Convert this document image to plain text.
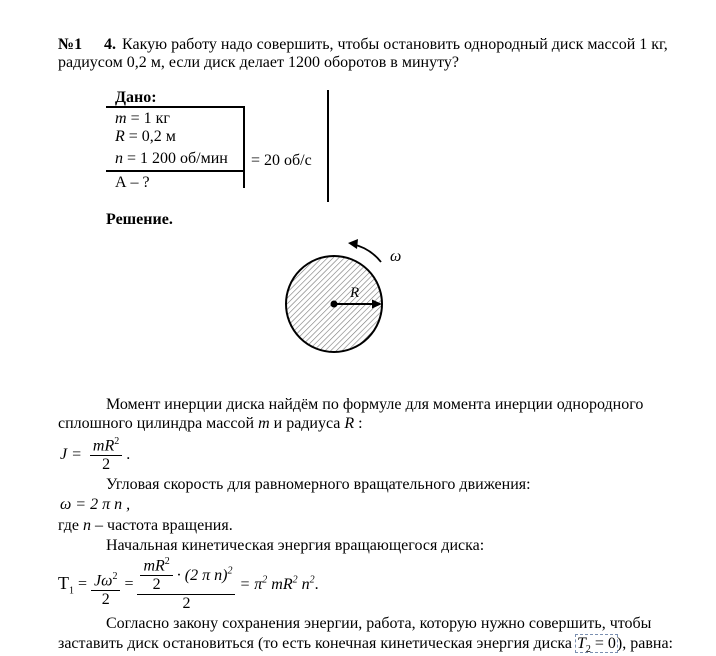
№1 4. Какую работу надо совершить, чтобы остановить однородный диск массой 1 кг,
радиусом 0,2 м, если диск делает 1200 оборотов в минуту?
Дано:
m = 1 кг
R = 0,2 м
n = 1 200 об/мин = 20 об/с
А – ?
Решение.
ω
R
Момент инерции диска найдём по формуле для момента инерции однородного
сплошного цилиндра массой m и радиуса R :
$J = \frac{mR^2}{2}$ .
Угловая скорость для равномерного вращательного движения:
ω = 2 π n ,
где n – частота вращения.
Начальная кинетическая энергия вращающегося диска:
$T_1 = \frac{J\omega^2}{2} = \frac{\frac{mR^2}{2} \cdot (2 \pi n)^2}{2} = \pi^2$ $mR^2$ $n^2$.
Согласно закону сохранения энергии, работа, которую нужно совершить, чтобы
заставить диск остановиться (то есть конечная кинетическая энергия диска $T_2 = 0$), равна:
